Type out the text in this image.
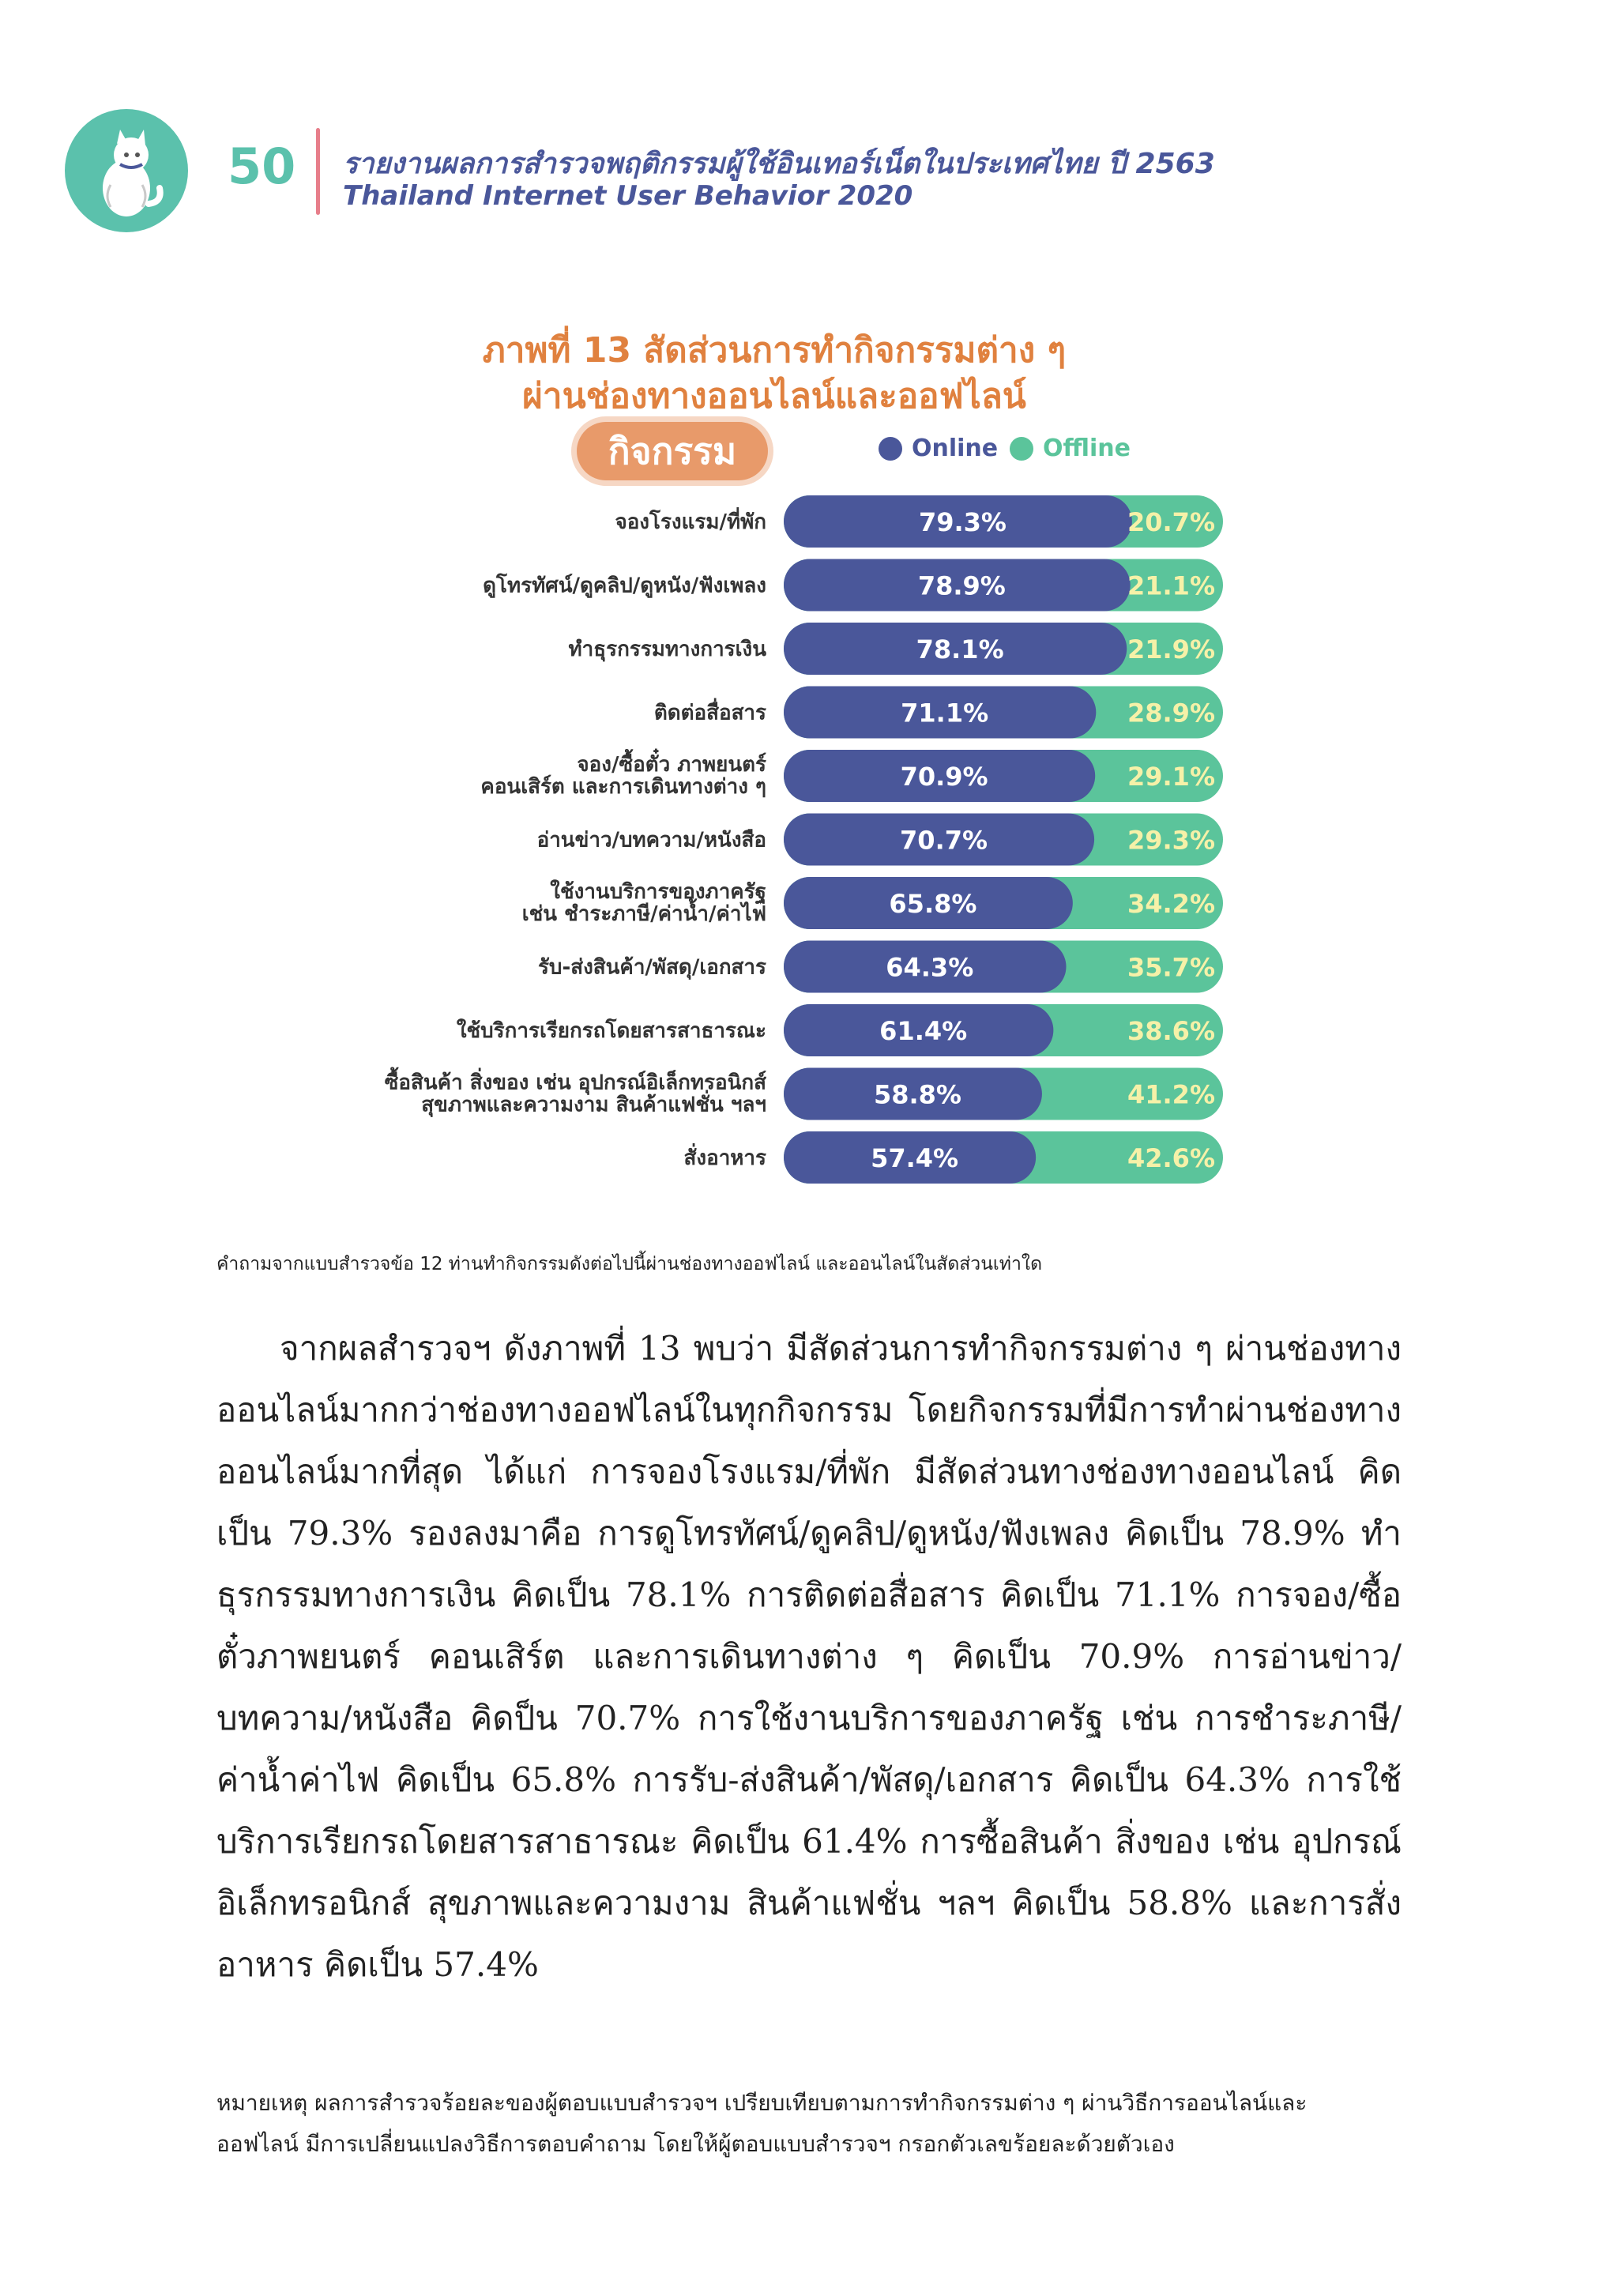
50 รายงานผลการสำรวจพฤติกรรมผู้ใช้อินเทอร์เน็ตในประเทศไทย ปี 2563
Thailand Internet User Behavior 2020
ภาพที่ 13 สัดส่วนการทำกิจกรรมต่าง ๆ
ผ่านช่องทางออนไลน์และออฟไลน์
กิจกรรม	Online Offline
จองโรงแรม/ที่พัก	79.3%	20.7%
ดูโทรทัศน์/ดูคลิป/ดูหนัง/ฟังเพลง	78.9%	21.1%
ทำธุรกรรมทางการเงิน	78.1%	21.9%
ติดต่อสื่อสาร	71.1%	28.9%
จอง/ซื้อตั๋ว ภาพยนตร์
คอนเสิร์ต และการเดินทางต่าง ๆ	70.9%	29.1%
อ่านข่าว/บทความ/หนังสือ	70.7%	29.3%
ใช้งานบริการของภาครัฐ
เช่น ชำระภาษี/ค่าน้ำ/ค่าไฟ	65.8%	34.2%
รับ-ส่งสินค้า/พัสดุ/เอกสาร	64.3%	35.7%
ใช้บริการเรียกรถโดยสารสาธารณะ	61.4%	38.6%
ซื้อสินค้า สิ่งของ เช่น อุปกรณ์อิเล็กทรอนิกส์
สุขภาพและความงาม สินค้าแฟชั่น ฯลฯ	58.8%	41.2%
สั่งอาหาร	57.4%	42.6%
คำถามจากแบบสำรวจข้อ 12 ท่านทำกิจกรรมดังต่อไปนี้ผ่านช่องทางออฟไลน์ และออนไลน์ในสัดส่วนเท่าใด
จากผลสำรวจฯ ดังภาพที่ 13 พบว่า มีสัดส่วนการทำกิจกรรมต่าง ๆ ผ่านช่องทางออนไลน์มากกว่าช่องทางออฟไลน์ในทุกกิจกรรม โดยกิจกรรมที่มีการทำผ่านช่องทางออนไลน์มากที่สุด ได้แก่ การจองโรงแรม/ที่พัก มีสัดส่วนทางช่องทางออนไลน์ คิดเป็น 79.3% รองลงมาคือ การดูโทรทัศน์/ดูคลิป/ดูหนัง/ฟังเพลง คิดเป็น 78.9% ทำธุรกรรมทางการเงิน คิดเป็น 78.1% การติดต่อสื่อสาร คิดเป็น 71.1% การจอง/ซื้อตั๋วภาพยนตร์ คอนเสิร์ต และการเดินทางต่าง ๆ คิดเป็น 70.9% การอ่านข่าว/บทความ/หนังสือ คิดป็น 70.7% การใช้งานบริการของภาครัฐ เช่น การชำระภาษี/ค่าน้ำค่าไฟ คิดเป็น 65.8% การรับ-ส่งสินค้า/พัสดุ/เอกสาร คิดเป็น 64.3% การใช้บริการเรียกรถโดยสารสาธารณะ คิดเป็น 61.4% การซื้อสินค้า สิ่งของ เช่น อุปกรณ์อิเล็กทรอนิกส์ สุขภาพและความงาม สินค้าแฟชั่น ฯลฯ คิดเป็น 58.8% และการสั่งอาหาร คิดเป็น 57.4%
หมายเหตุ ผลการสำรวจร้อยละของผู้ตอบแบบสำรวจฯ เปรียบเทียบตามการทำกิจกรรมต่าง ๆ ผ่านวิธีการออนไลน์และ
ออฟไลน์ มีการเปลี่ยนแปลงวิธีการตอบคำถาม โดยให้ผู้ตอบแบบสำรวจฯ กรอกตัวเลขร้อยละด้วยตัวเอง
